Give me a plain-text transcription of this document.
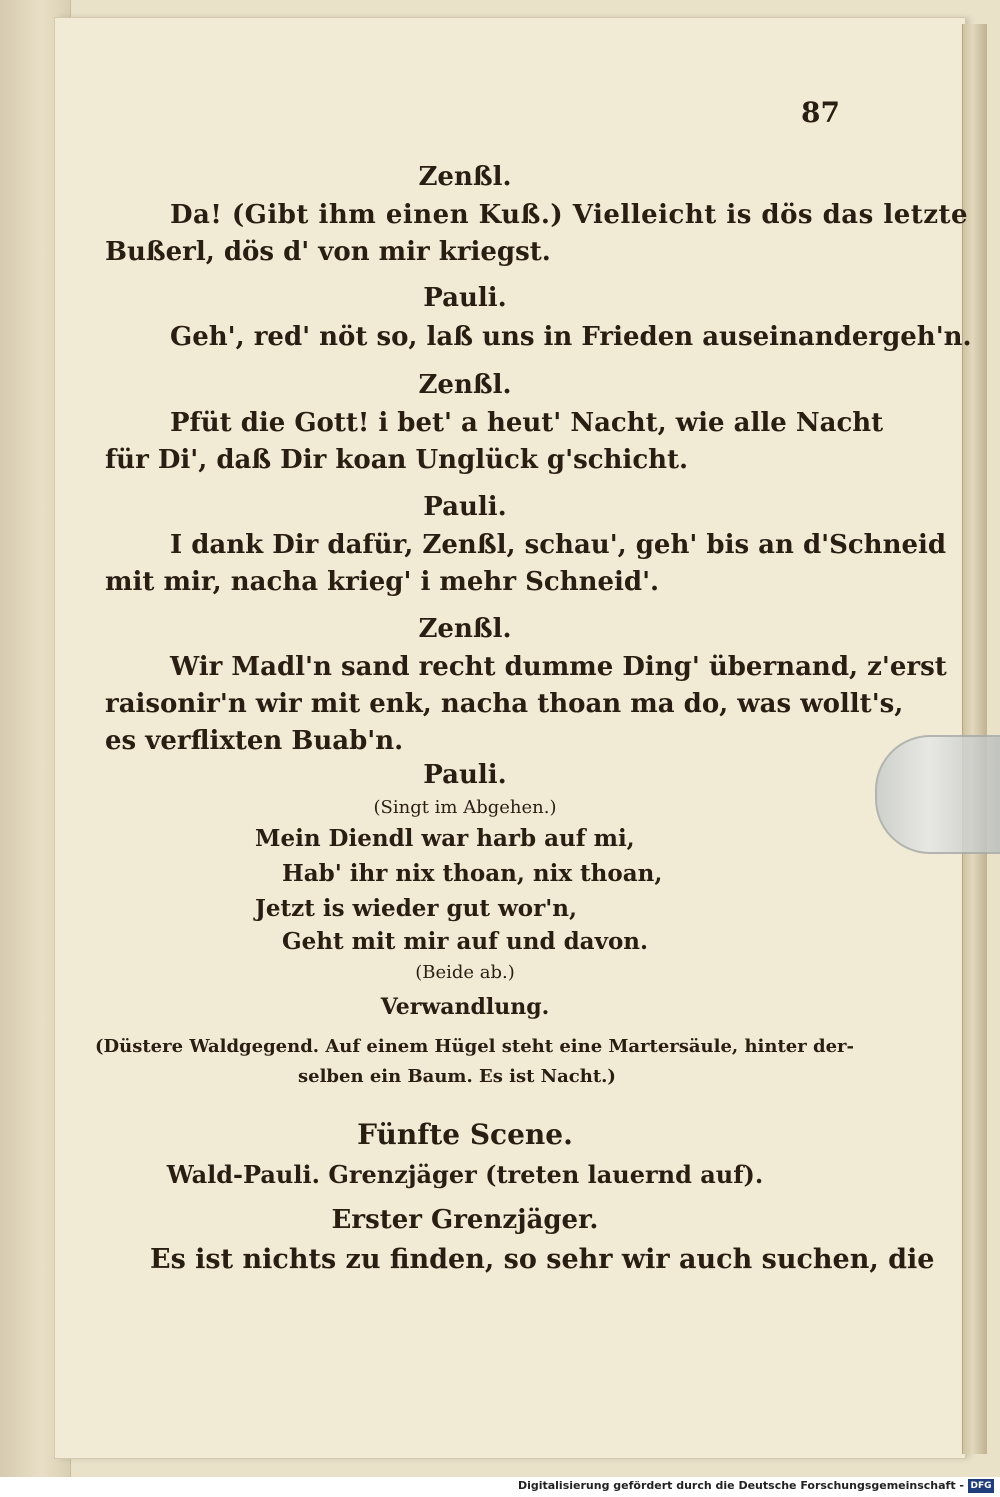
87
Zenßl.
Da! (Gibt ihm einen Kuß.) Vielleicht is dös das letzte
Bußerl, dös d' von mir kriegst.
Pauli.
Geh', red' nöt so, laß uns in Frieden auseinandergeh'n.
Zenßl.
Pfüt die Gott! i bet' a heut' Nacht, wie alle Nacht
für Di', daß Dir koan Unglück g'schicht.
Pauli.
I dank Dir dafür, Zenßl, schau', geh' bis an d'Schneid
mit mir, nacha krieg' i mehr Schneid'.
Zenßl.
Wir Madl'n sand recht dumme Ding' übernand, z'erst
raisonir'n wir mit enk, nacha thoan ma do, was wollt's,
es verflixten Buab'n.
Pauli.
(Singt im Abgehen.)
Mein Diendl war harb auf mi,
Hab' ihr nix thoan, nix thoan,
Jetzt is wieder gut wor'n,
Geht mit mir auf und davon.
(Beide ab.)
Verwandlung.
(Düstere Waldgegend. Auf einem Hügel steht eine Martersäule, hinter der-
selben ein Baum. Es ist Nacht.)
Fünfte Scene.
Wald-Pauli. Grenzjäger (treten lauernd auf).
Erster Grenzjäger.
Es ist nichts zu finden, so sehr wir auch suchen, die
Digitalisierung gefördert durch die Deutsche Forschungsgemeinschaft - DFG
